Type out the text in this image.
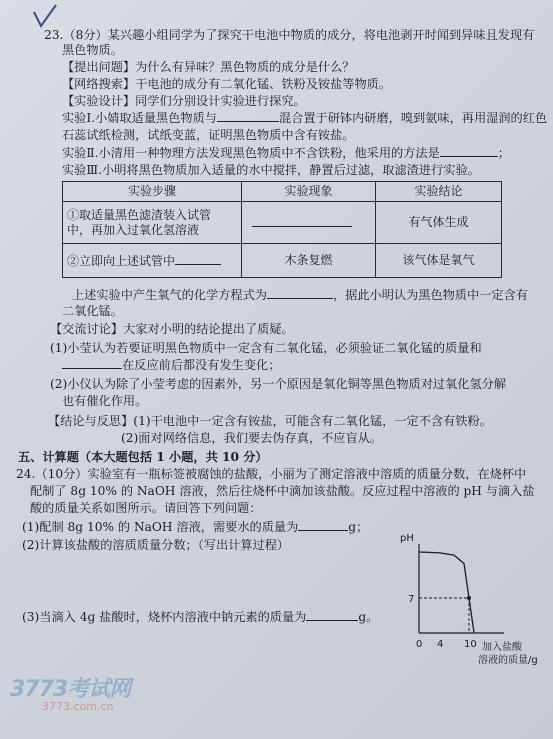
23.（8分）某兴趣小组同学为了探究干电池中物质的成分，将电池剥开时闻到异味且发现有
黑色物质。
【提出问题】为什么有异味？黑色物质的成分是什么？
【网络搜索】干电池的成分有二氧化锰、铁粉及铵盐等物质。
【实验设计】同学们分别设计实验进行探究。
实验Ⅰ.小婧取适量黑色物质与	混合置于研钵内研磨，嗅到氨味，再用湿润的红色
石蕊试纸检测，试纸变蓝，证明黑色物质中含有铵盐。
实验Ⅱ.小清用一种物理方法发现黑色物质中不含铁粉，他采用的方法是	；
实验Ⅲ.小明将黑色物质加入适量的水中搅拌，静置后过滤，取滤渣进行实验。
实验步骤	实验现象	实验结论

①取适量黑色滤渣装入试管
中，再加入过氧化氢溶液		有气体生成
②立即向上述试管中	木条复燃	该气体是氧气
上述实验中产生氧气的化学方程式为	，据此小明认为黑色物质中一定含有
二氧化锰。
【交流讨论】大家对小明的结论提出了质疑。
(1)小莹认为若要证明黑色物质中一定含有二氧化锰，必须验证二氧化锰的质量和
在反应前后都没有发生变化；
(2)小仪认为除了小莹考虑的因素外，另一个原因是氧化铜等黑色物质对过氧化氢分解
也有催化作用。
【结论与反思】(1)干电池中一定含有铵盐，可能含有二氧化锰，一定不含有铁粉。
(2)面对网络信息，我们要去伪存真，不应盲从。
五、计算题（本大题包括 1 小题，共 10 分）
24.（10分）实验室有一瓶标签被腐蚀的盐酸，小丽为了测定溶液中溶质的质量分数，在烧杯中
配制了 8g 10% 的 NaOH 溶液，然后往烧杯中滴加该盐酸。反应过程中溶液的 pH 与滴入盐
酸的质量关系如图所示。请回答下列问题：
(1)配制 8g 10% 的 NaOH 溶液，需要水的质量为	g；
(2)计算该盐酸的溶质质量分数；（写出计算过程）
(3)当滴入 4g 盐酸时，烧杯内溶液中钠元素的质量为	g。
pH
7
0 4 10 加入盐酸
溶液的质量/g
3773考试网
3773.com.cn
